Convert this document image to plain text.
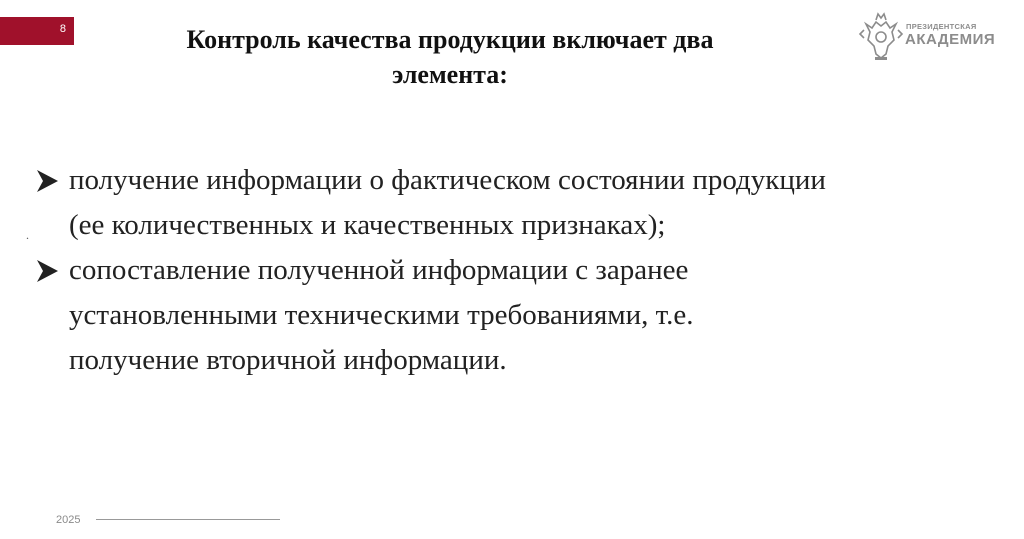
8	Контроль качества продукции включает два
элемента:
ПРЕЗИДЕНТСКАЯ
АКАДЕМИЯ
.
получение информации о фактическом состоянии продукции
(ее количественных и качественных признаках);
сопоставление полученной информации с заранее
установленными техническими требованиями, т.е.
получение вторичной информации.
2025
